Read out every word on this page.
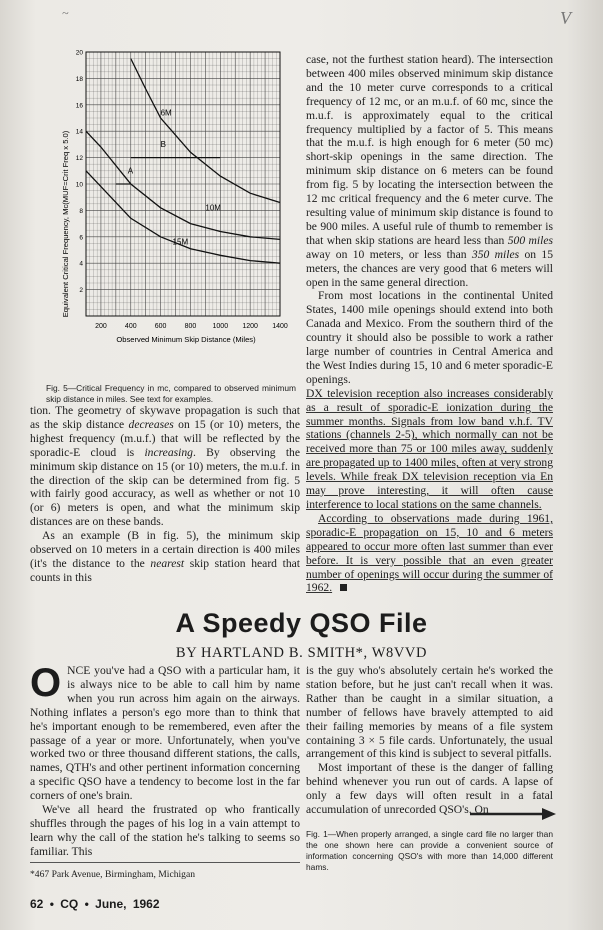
~	V
6M
B
A
10M
15M
200	400	600	800 1000 1200 1400
2
4
6
8
10
12
14
16
18
20
Equivalent Critical Frequency, Mc(MUF=Crit Freq x 5.0)
Observed Minimum Skip Distance (Miles)
Fig. 5—Critical Frequency in mc, compared to observed minimum skip distance in miles. See text for examples.

tion. The geometry of skywave propagation is such that as the skip distance decreases on 15 (or 10) meters, the highest frequency (m.u.f.) that will be reflected by the sporadic-E cloud is increasing. By observing the minimum skip distance on 15 (or 10) meters, the m.u.f. in the direction of the skip can be determined from fig. 5 with fairly good accuracy, as well as whether or not 10 (or 6) meters is open, and what the minimum skip distances are on these bands.

As an example (B in fig. 5), the minimum skip observed on 10 meters in a certain direction is 400 miles (it's the distance to the nearest skip station heard that counts in this

case, not the furthest station heard). The intersection between 400 miles observed minimum skip distance and the 10 meter curve corresponds to a critical frequency of 12 mc, or an m.u.f. of 60 mc, since the m.u.f. is approximately equal to the critical frequency multiplied by a factor of 5. This means that the m.u.f. is high enough for 6 meter (50 mc) short-skip openings in the same direction. The minimum skip distance on 6 meters can be found from fig. 5 by locating the intersection between the 12 mc critical frequency and the 6 meter curve. The resulting value of minimum skip distance is found to be 900 miles. A useful rule of thumb to remember is that when skip stations are heard less than 500 miles away on 10 meters, or less than 350 miles on 15 meters, the chances are very good that 6 meters will open in the same general direction.

From most locations in the continental United States, 1400 mile openings should extend into both Canada and Mexico. From the southern third of the country it should also be possible to work a rather large number of countries in Central America and the West Indies during 15, 10 and 6 meter sporadic-E openings.

DX television reception also increases considerably as a result of sporadic-E ionization during the summer months. Signals from low band v.h.f. TV stations (channels 2-5), which normally can not be received more than 75 or 100 miles away, suddenly are propagated up to 1400 miles, often at very strong levels. While freak DX television reception via En may prove interesting, it will often cause interference to local stations on the same channels.

According to observations made during 1961, sporadic-E propagation on 15, 10 and 6 meters appeared to occur more often last summer than ever before. It is very possible that an even greater number of openings will occur during the summer of 1962.

A Speedy QSO File
BY HARTLAND B. SMITH*, W8VVD

ONCE you've had a QSO with a particular ham, it is always nice to be able to call him by name when you run across him again on the airways. Nothing inflates a person's ego more than to think that he's important enough to be remembered, even after the passage of a year or more. Unfortunately, when you've worked two or three thousand different stations, the calls, names, QTH's and other pertinent information concerning a specific QSO have a tendency to become lost in the far corners of one's brain.

We've all heard the frustrated op who frantically shuffles through the pages of his log in a vain attempt to learn why the call of the station he's talking to seems so familiar. This

*467 Park Avenue, Birmingham, Michigan

is the guy who's absolutely certain he's worked the station before, but he just can't recall when it was. Rather than be caught in a similar situation, a number of fellows have bravely attempted to aid their failing memories by means of a file system containing 3 × 5 file cards. Unfortunately, the usual arrangement of this kind is subject to several pitfalls.

Most important of these is the danger of falling behind whenever you run out of cards. A lapse of only a few days will often result in a fatal accumulation of unrecorded QSO's. On

Fig. 1—When properly arranged, a single card file no larger than the one shown here can provide a convenient source of information concerning QSO's with more than 14,000 different hams.
62 • CQ • June, 1962
